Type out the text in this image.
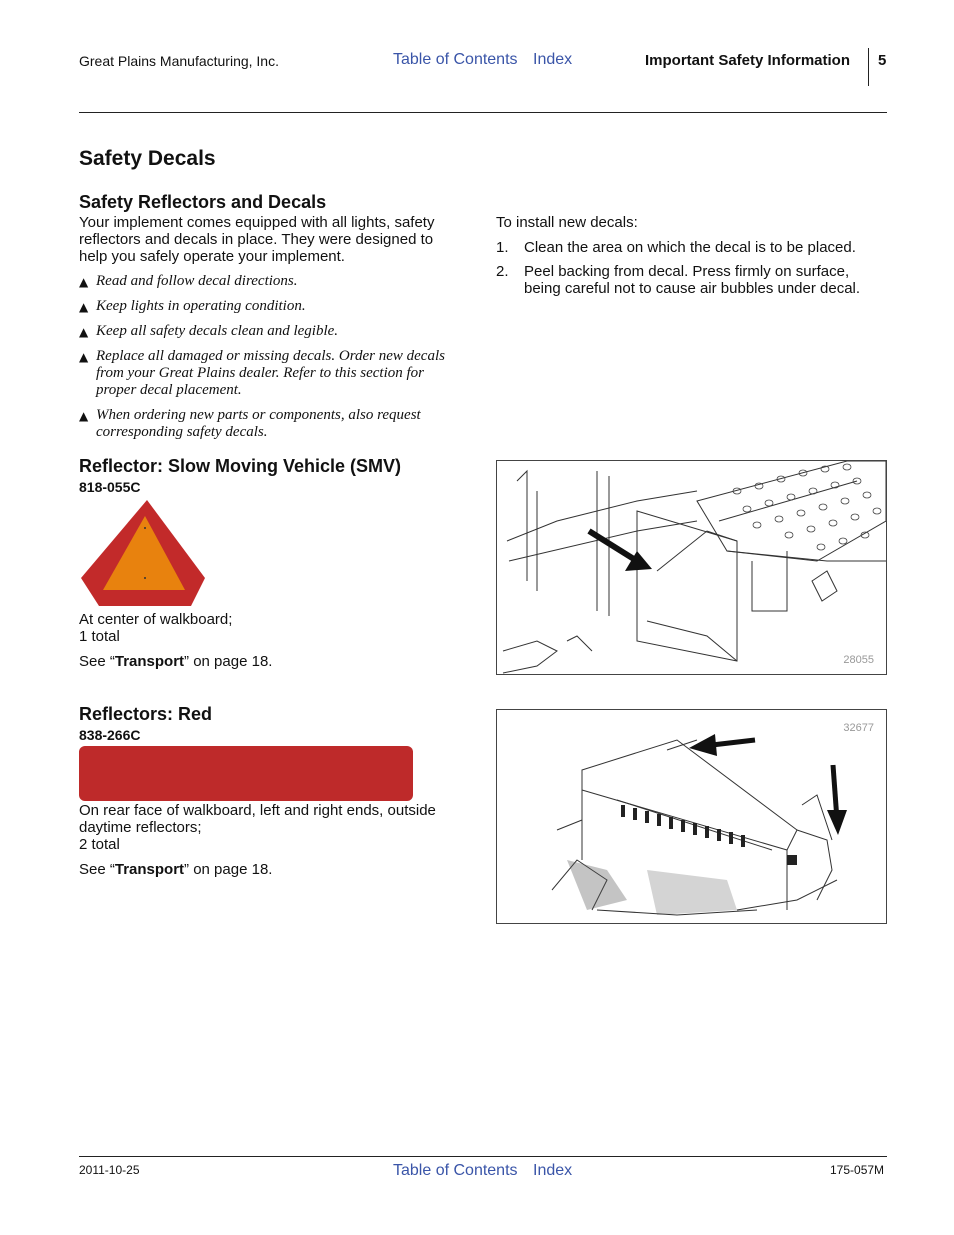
Great Plains Manufacturing, Inc.	Table of Contents Index	Important Safety Information 5
Safety Decals
Safety Reflectors and Decals
Your implement comes equipped with all lights, safety
reflectors and decals in place. They were designed to
help you safely operate your implement.
▲ Read and follow decal directions.
▲ Keep lights in operating condition.
▲ Keep all safety decals clean and legible.
▲ Replace all damaged or missing decals. Order new decals
from your Great Plains dealer. Refer to this section for
proper decal placement.
▲ When ordering new parts or components, also request
corresponding safety decals.
To install new decals:
1. Clean the area on which the decal is to be placed.
2. Peel backing from decal. Press firmly on surface,
being careful not to cause air bubbles under decal.
Reflector: Slow Moving Vehicle (SMV)
818-055C
At center of walkboard;
1 total
See “Transport” on page 18.	28055
Reflectors: Red
838-266C
On rear face of walkboard, left and right ends, outside
daytime reflectors;
2 total
See “Transport” on page 18.
32677
2011-10-25	Table of Contents Index	175-057M
